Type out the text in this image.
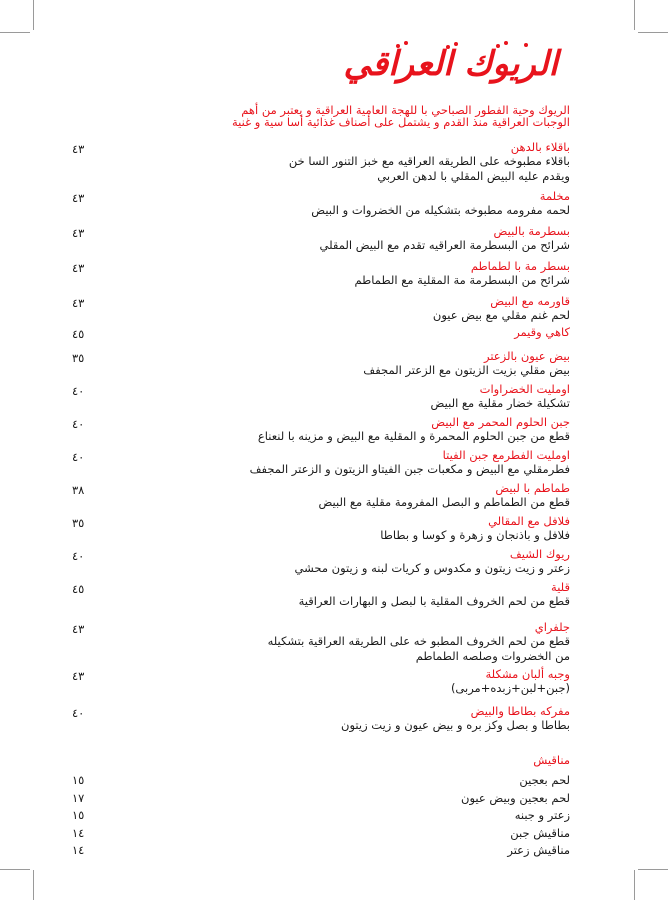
الريوك العراقي
الريوك وحية الفطور الصباحي با للهجة العامية العراقية و يعتبر من أهم
الوجبات العراقية منذ القدم و يشتمل على أصناف غذائية أسا سية و غنية
باقلاء بالدهن
باقلاء مطبوخه على الطريقه العراقيه مع خبز التنور السا خن
ويقدم عليه البيض المقلي با لدهن العربي
٤٣
مخلمة
لحمه مفرومه مطبوخه بتشكيله من الخضروات و البيض
٤٣
بسطرمة بالبيض
شرائح من البسطرمة العراقيه تقدم مع البيض المقلي
٤٣
بسطر مة با لطماطم
شرائح من البسطرمة مة المقلية مع الطماطم
٤٣
قاورمه مع البيض
لحم غنم مقلي مع بيض عيون
٤٣
كاهي وقيمر
٤٥
بيض عيون بالزعتر
بيض مقلي بزيت الزيتون مع الزعتر المجفف
٣٥
اومليت الخضراوات
تشكيلة خضار مقلية مع البيض
٤٠
جبن الحلوم المحمر مع البيض
قطع من جبن الحلوم المحمرة و المقلية مع البيض و مزينه با لنعناع
٤٠
اومليت الفطرمع جبن الفيتا
فطرمقلي مع البيض و مكعبات جبن الفيتاو الزيتون و الزعتر المجفف
٤٠
طماطم با لبيض
قطع من الطماطم و البصل المفرومة مقلية مع البيض
٣٨
فلافل مع المقالي
فلافل و باذنجان و زهرة و كوسا و بطاطا
٣٥
ريوك الشيف
زعتر و زيت زيتون و مكدوس و كريات لبنه و زيتون محشي
٤٠
قلية
قطع من لحم الخروف المقلية با لبصل و البهارات العراقية
٤٥
جلفراي
قطع من لحم الخروف المطبو خه على الطريقه العراقية بتشكيله
من الخضروات وصلصه الطماطم
٤٣
وجبه ألبان مشكلة
(جبن+لبن+زبده+مربى)
٤٣
مفركه بطاطا والبيض
بطاطا و بصل وكز بره و بيض عيون و زيت زيتون
٤٠
مناقيش
لحم بعجين
١٥
لحم بعجين وبيض عيون
١٧
زعتر و جبنه
١٥
مناقيش جبن
١٤
مناقيش زعتر
١٤
